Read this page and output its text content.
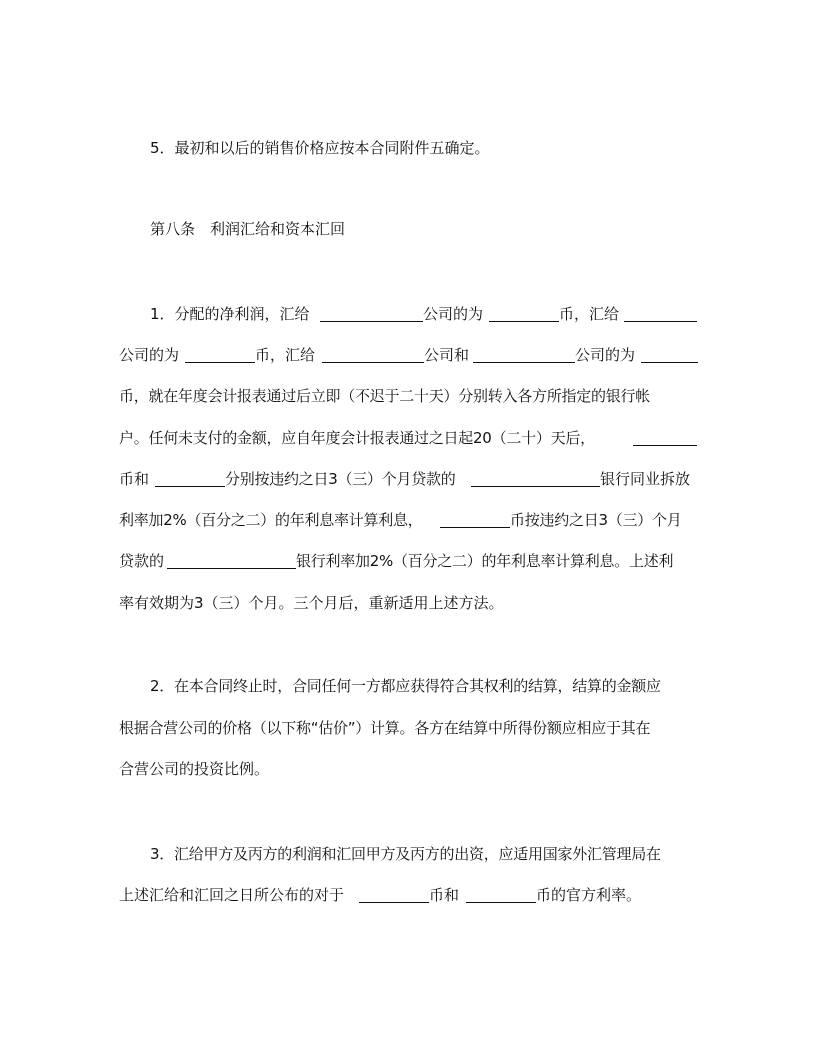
5．最初和以后的销售价格应按本合同附件五确定。
第八条　利润汇给和资本汇回
1．分配的净利润，汇给	公司的为	币，汇给
公司的为	币，汇给	公司和	公司的为
币，就在年度会计报表通过后立即（不迟于二十天）分别转入各方所指定的银行帐
户。任何未支付的金额，应自年度会计报表通过之日起20（二十）天后，
币和	分别按违约之日3（三）个月贷款的	银行同业拆放
利率加2%（百分之二）的年利息率计算利息，	币按违约之日3（三）个月
贷款的	银行利率加2%（百分之二）的年利息率计算利息。上述利
率有效期为3（三）个月。三个月后，重新适用上述方法。
2．在本合同终止时，合同任何一方都应获得符合其权利的结算，结算的金额应
根据合营公司的价格（以下称“估价”）计算。各方在结算中所得份额应相应于其在
合营公司的投资比例。
3．汇给甲方及丙方的利润和汇回甲方及丙方的出资，应适用国家外汇管理局在
上述汇给和汇回之日所公布的对于	币和	币的官方利率。
